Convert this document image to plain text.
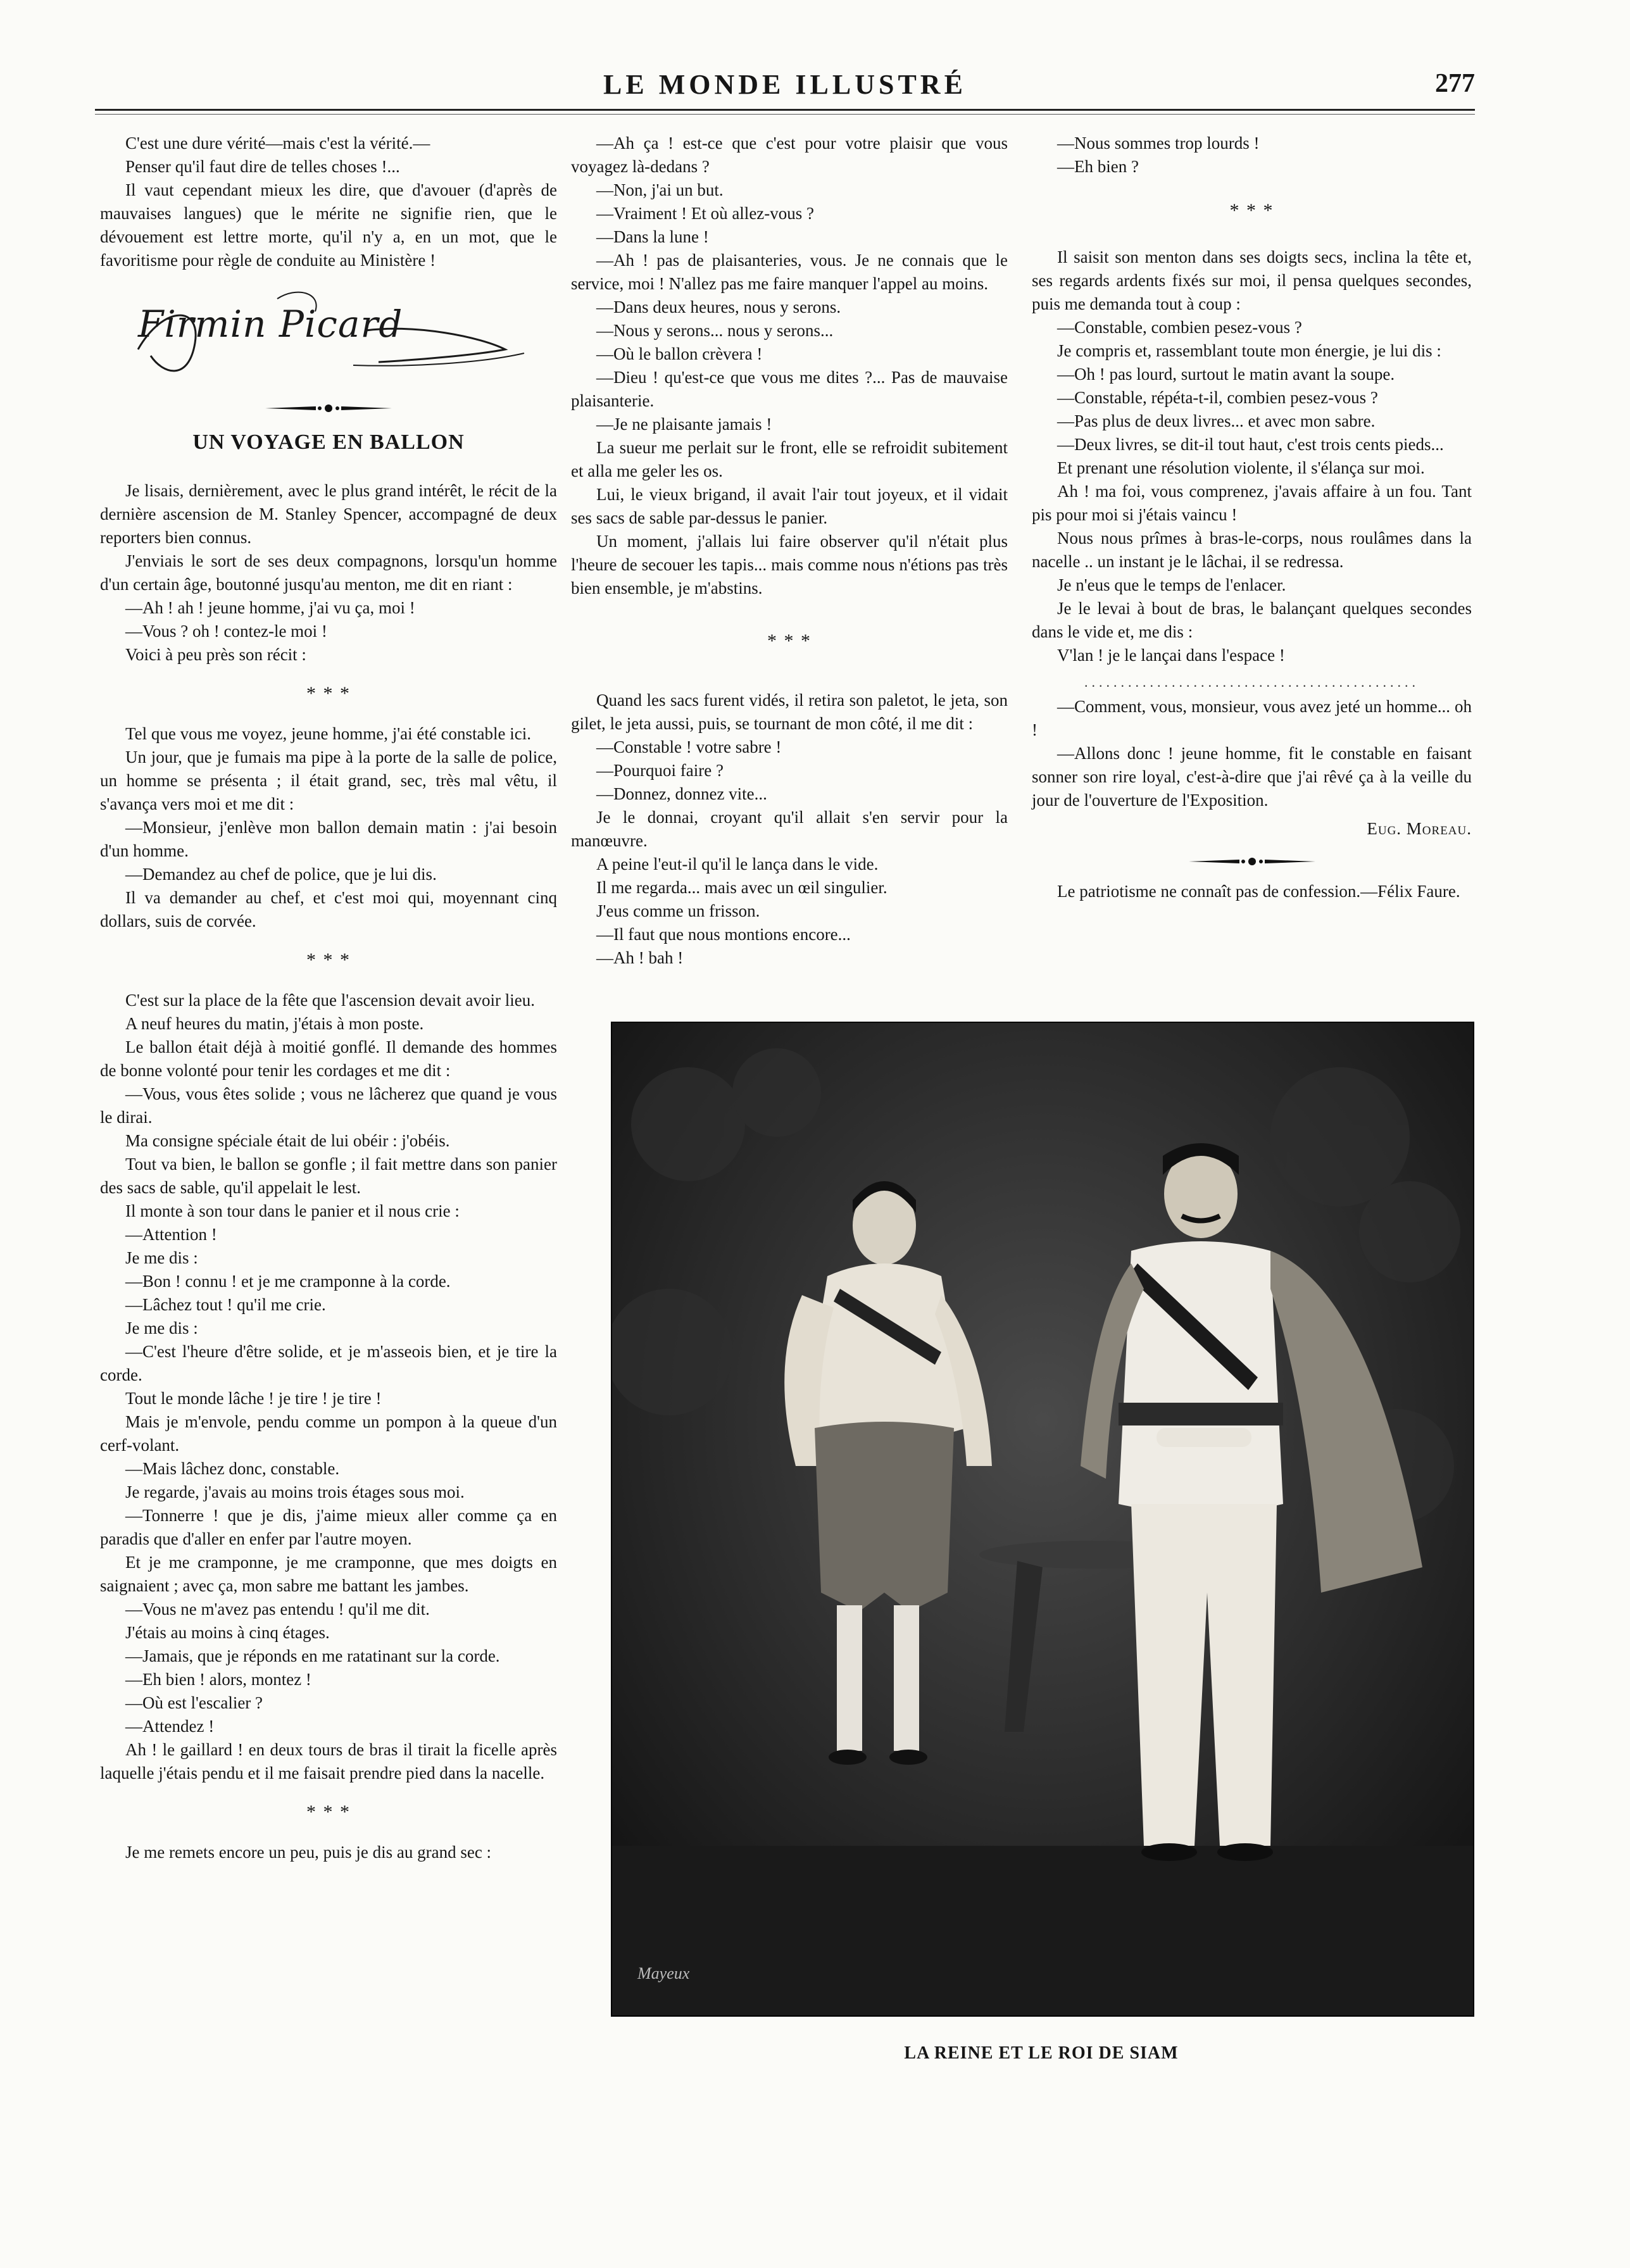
LE MONDE ILLUSTRÉ	277

C'est une dure vérité—mais c'est la vérité.—

Penser qu'il faut dire de telles choses !...

Il vaut cependant mieux les dire, que d'avouer (d'après de mauvaises langues) que le mérite ne signifie rien, que le dévouement est lettre morte, qu'il n'y a, en un mot, que le favoritisme pour règle de conduite au Ministère !

Firmin Picard
UN VOYAGE EN BALLON

Je lisais, dernièrement, avec le plus grand intérêt, le récit de la dernière ascension de M. Stanley Spencer, accompagné de deux reporters bien connus.

J'enviais le sort de ses deux compagnons, lorsqu'un homme d'un certain âge, boutonné jusqu'au menton, me dit en riant :

—Ah ! ah ! jeune homme, j'ai vu ça, moi !

—Vous ? oh ! contez-le moi !

Voici à peu près son récit :

* * *

Tel que vous me voyez, jeune homme, j'ai été constable ici.

Un jour, que je fumais ma pipe à la porte de la salle de police, un homme se présenta ; il était grand, sec, très mal vêtu, il s'avança vers moi et me dit :

—Monsieur, j'enlève mon ballon demain matin : j'ai besoin d'un homme.

—Demandez au chef de police, que je lui dis.

Il va demander au chef, et c'est moi qui, moyennant cinq dollars, suis de corvée.

* * *

C'est sur la place de la fête que l'ascension devait avoir lieu.

A neuf heures du matin, j'étais à mon poste.

Le ballon était déjà à moitié gonflé. Il demande des hommes de bonne volonté pour tenir les cordages et me dit :

—Vous, vous êtes solide ; vous ne lâcherez que quand je vous le dirai.

Ma consigne spéciale était de lui obéir : j'obéis.

Tout va bien, le ballon se gonfle ; il fait mettre dans son panier des sacs de sable, qu'il appelait le lest.

Il monte à son tour dans le panier et il nous crie :

—Attention !

Je me dis :

—Bon ! connu ! et je me cramponne à la corde.

—Lâchez tout ! qu'il me crie.

Je me dis :

—C'est l'heure d'être solide, et je m'asseois bien, et je tire la corde.

Tout le monde lâche ! je tire ! je tire !

Mais je m'envole, pendu comme un pompon à la queue d'un cerf-volant.

—Mais lâchez donc, constable.

Je regarde, j'avais au moins trois étages sous moi.

—Tonnerre ! que je dis, j'aime mieux aller comme ça en paradis que d'aller en enfer par l'autre moyen.

Et je me cramponne, je me cramponne, que mes doigts en saignaient ; avec ça, mon sabre me battant les jambes.

—Vous ne m'avez pas entendu ! qu'il me dit.

J'étais au moins à cinq étages.

—Jamais, que je réponds en me ratatinant sur la corde.

—Eh bien ! alors, montez !

—Où est l'escalier ?

—Attendez !

Ah ! le gaillard ! en deux tours de bras il tirait la ficelle après laquelle j'étais pendu et il me faisait prendre pied dans la nacelle.

* * *

Je me remets encore un peu, puis je dis au grand sec :

—Ah ça ! est-ce que c'est pour votre plaisir que vous voyagez là-dedans ?

—Non, j'ai un but.

—Vraiment ! Et où allez-vous ?

—Dans la lune !

—Ah ! pas de plaisanteries, vous. Je ne connais que le service, moi ! N'allez pas me faire manquer l'appel au moins.

—Dans deux heures, nous y serons.

—Nous y serons... nous y serons...

—Où le ballon crèvera !

—Dieu ! qu'est-ce que vous me dites ?... Pas de mauvaise plaisanterie.

—Je ne plaisante jamais !

La sueur me perlait sur le front, elle se refroidit subitement et alla me geler les os.

Lui, le vieux brigand, il avait l'air tout joyeux, et il vidait ses sacs de sable par-dessus le panier.

Un moment, j'allais lui faire observer qu'il n'était plus l'heure de secouer les tapis... mais comme nous n'étions pas très bien ensemble, je m'abstins.

* * *

Quand les sacs furent vidés, il retira son paletot, le jeta, son gilet, le jeta aussi, puis, se tournant de mon côté, il me dit :

—Constable ! votre sabre !

—Pourquoi faire ?

—Donnez, donnez vite...

Je le donnai, croyant qu'il allait s'en servir pour la manœuvre.

A peine l'eut-il qu'il le lança dans le vide.

Il me regarda... mais avec un œil singulier.

J'eus comme un frisson.

—Il faut que nous montions encore...

—Ah ! bah !

—Nous sommes trop lourds !

—Eh bien ?

* * *

Il saisit son menton dans ses doigts secs, inclina la tête et, ses regards ardents fixés sur moi, il pensa quelques secondes, puis me demanda tout à coup :

—Constable, combien pesez-vous ?

Je compris et, rassemblant toute mon énergie, je lui dis :

—Oh ! pas lourd, surtout le matin avant la soupe.

—Constable, répéta-t-il, combien pesez-vous ?

—Pas plus de deux livres... et avec mon sabre.

—Deux livres, se dit-il tout haut, c'est trois cents pieds...

Et prenant une résolution violente, il s'élança sur moi.

Ah ! ma foi, vous comprenez, j'avais affaire à un fou. Tant pis pour moi si j'étais vaincu !

Nous nous prîmes à bras-le-corps, nous roulâmes dans la nacelle .. un instant je le lâchai, il se redressa.

Je n'eus que le temps de l'enlacer.

Je le levai à bout de bras, le balançant quelques secondes dans le vide et, me dis :

V'lan ! je le lançai dans l'espace !

..............................................

—Comment, vous, monsieur, vous avez jeté un homme... oh !

—Allons donc ! jeune homme, fit le constable en faisant sonner son rire loyal, c'est-à-dire que j'ai rêvé ça à la veille du jour de l'ouverture de l'Exposition.

Eug. Moreau.

Le patriotisme ne connaît pas de confession.—Félix Faure.

Mayeux
LA REINE ET LE ROI DE SIAM
